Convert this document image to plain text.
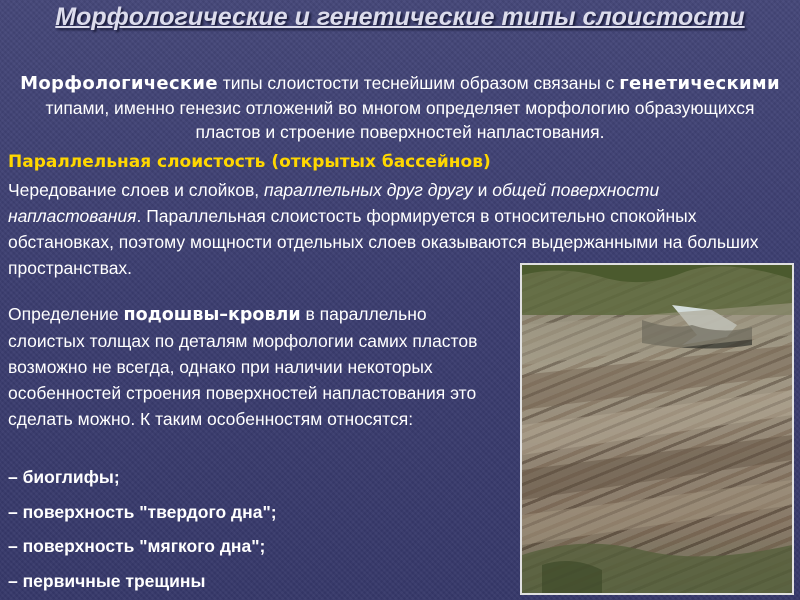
Морфологические и генетические типы слоистости
Морфологические типы слоистости теснейшим образом связаны с генетическими типами, именно генезис отложений во многом определяет морфологию образующихся пластов и строение поверхностей напластования.
Параллельная слоистость (открытых бассейнов)
Чередование слоев и слойков, параллельных друг другу и общей поверхности напластования. Параллельная слоистость формируется в относительно спокойных обстановках, поэтому мощности отдельных слоев оказываются выдержанными на больших пространствах.
Определение подошвы–кровли в параллельно слоистых толщах по деталям морфологии самих пластов возможно не всегда, однако при наличии некоторых особенностей строения поверхностей напластования это сделать можно. К таким особенностям относятся:
– биоглифы;
– поверхность "твердого дна";
– поверхность "мягкого дна";
– первичные трещины
